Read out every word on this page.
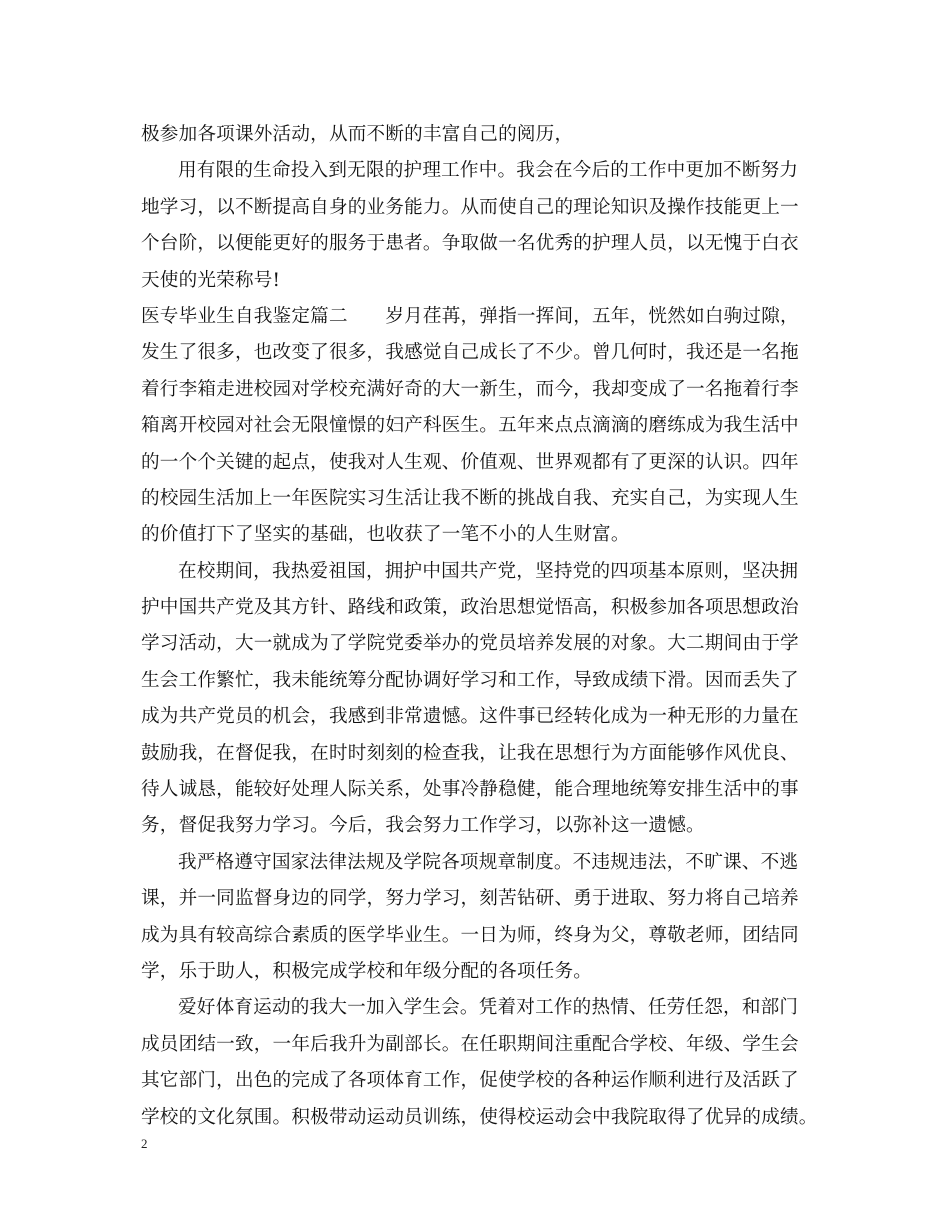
极参加各项课外活动，从而不断的丰富自己的阅历，
用有限的生命投入到无限的护理工作中。我会在今后的工作中更加不断努力
地学习，以不断提高自身的业务能力。从而使自己的理论知识及操作技能更上一
个台阶，以便能更好的服务于患者。争取做一名优秀的护理人员，以无愧于白衣
天使的光荣称号!
医专毕业生自我鉴定篇二　　岁月荏苒，弹指一挥间，五年，恍然如白驹过隙，
发生了很多，也改变了很多，我感觉自己成长了不少。曾几何时，我还是一名拖
着行李箱走进校园对学校充满好奇的大一新生，而今，我却变成了一名拖着行李
箱离开校园对社会无限憧憬的妇产科医生。五年来点点滴滴的磨练成为我生活中
的一个个关键的起点，使我对人生观、价值观、世界观都有了更深的认识。四年
的校园生活加上一年医院实习生活让我不断的挑战自我、充实自己，为实现人生
的价值打下了坚实的基础，也收获了一笔不小的人生财富。
在校期间，我热爱祖国，拥护中国共产党，坚持党的四项基本原则，坚决拥
护中国共产党及其方针、路线和政策，政治思想觉悟高，积极参加各项思想政治
学习活动，大一就成为了学院党委举办的党员培养发展的对象。大二期间由于学
生会工作繁忙，我未能统筹分配协调好学习和工作，导致成绩下滑。因而丢失了
成为共产党员的机会，我感到非常遗憾。这件事已经转化成为一种无形的力量在
鼓励我，在督促我，在时时刻刻的检查我，让我在思想行为方面能够作风优良、
待人诚恳，能较好处理人际关系，处事冷静稳健，能合理地统筹安排生活中的事
务，督促我努力学习。今后，我会努力工作学习，以弥补这一遗憾。
我严格遵守国家法律法规及学院各项规章制度。不违规违法，不旷课、不逃
课，并一同监督身边的同学，努力学习，刻苦钻研、勇于进取、努力将自己培养
成为具有较高综合素质的医学毕业生。一日为师，终身为父，尊敬老师，团结同
学，乐于助人，积极完成学校和年级分配的各项任务。
爱好体育运动的我大一加入学生会。凭着对工作的热情、任劳任怨，和部门
成员团结一致，一年后我升为副部长。在任职期间注重配合学校、年级、学生会
其它部门，出色的完成了各项体育工作，促使学校的各种运作顺利进行及活跃了
学校的文化氛围。积极带动运动员训练，使得校运动会中我院取得了优异的成绩。
2
